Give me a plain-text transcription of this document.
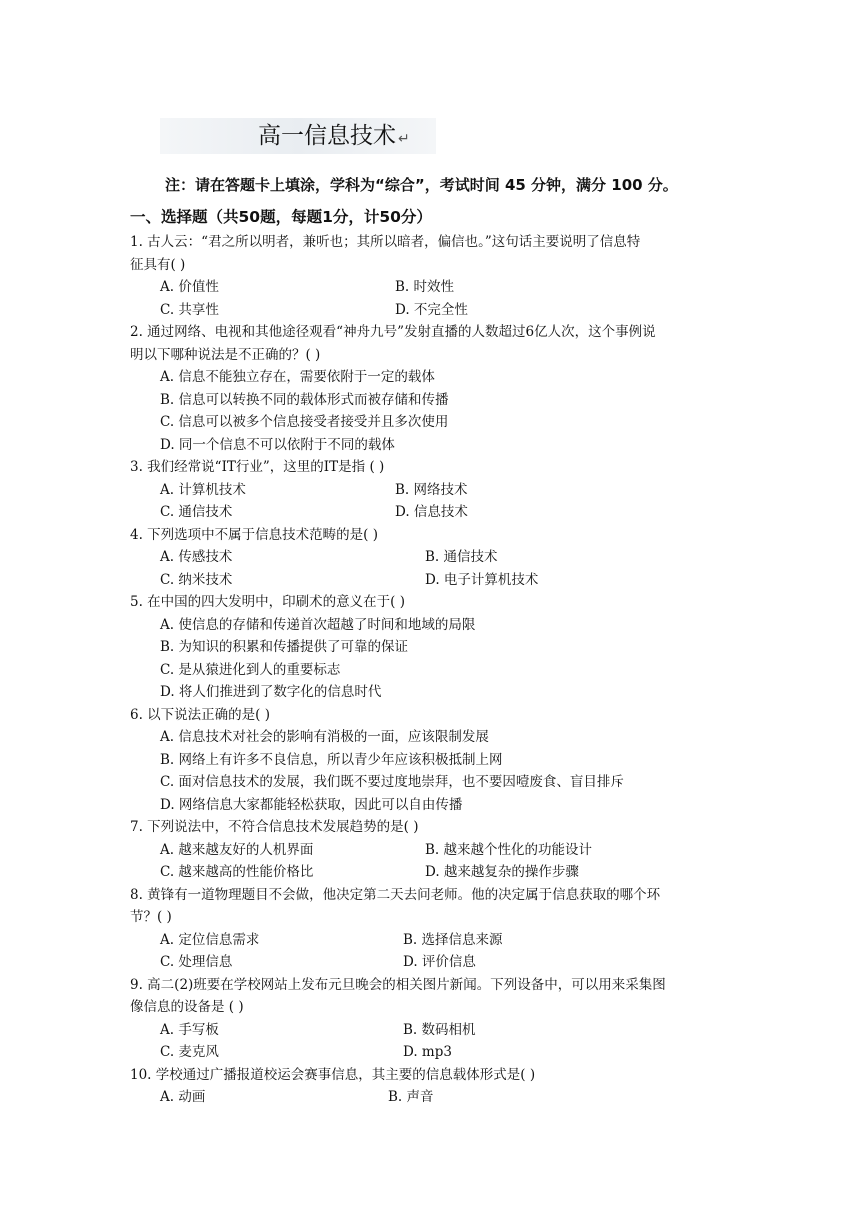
高一信息技术 ↵
注：请在答题卡上填涂，学科为“综合”，考试时间 45 分钟，满分 100 分。
一、选择题（共50题，每题1分，计50分）
1. 古人云：“君之所以明者，兼听也；其所以暗者，偏信也。”这句话主要说明了信息特
征具有( )
A. 价值性	B. 时效性
C. 共享性	D. 不完全性
2. 通过网络、电视和其他途径观看“神舟九号”发射直播的人数超过6亿人次，这个事例说
明以下哪种说法是不正确的？( )
A. 信息不能独立存在，需要依附于一定的载体
B. 信息可以转换不同的载体形式而被存储和传播
C. 信息可以被多个信息接受者接受并且多次使用
D. 同一个信息不可以依附于不同的载体
3. 我们经常说“IT行业”，这里的IT是指 ( )
A. 计算机技术	B. 网络技术
C. 通信技术	D. 信息技术
4. 下列选项中不属于信息技术范畴的是( )
A. 传感技术	B. 通信技术
C. 纳米技术	D. 电子计算机技术
5. 在中国的四大发明中，印刷术的意义在于( )
A. 使信息的存储和传递首次超越了时间和地域的局限
B. 为知识的积累和传播提供了可靠的保证
C. 是从猿进化到人的重要标志
D. 将人们推进到了数字化的信息时代
6. 以下说法正确的是( )
A. 信息技术对社会的影响有消极的一面，应该限制发展
B. 网络上有许多不良信息，所以青少年应该积极抵制上网
C. 面对信息技术的发展，我们既不要过度地崇拜，也不要因噎废食、盲目排斥
D. 网络信息大家都能轻松获取，因此可以自由传播
7. 下列说法中，不符合信息技术发展趋势的是( )
A. 越来越友好的人机界面	B. 越来越个性化的功能设计
C. 越来越高的性能价格比	D. 越来越复杂的操作步骤
8. 黄锋有一道物理题目不会做，他决定第二天去问老师。他的决定属于信息获取的哪个环
节？( )
A. 定位信息需求	B. 选择信息来源
C. 处理信息	D. 评价信息
9. 高二(2)班要在学校网站上发布元旦晚会的相关图片新闻。下列设备中，可以用来采集图
像信息的设备是 ( )
A. 手写板	B. 数码相机
C. 麦克风	D. mp3
10. 学校通过广播报道校运会赛事信息，其主要的信息载体形式是( )
A. 动画	B. 声音
